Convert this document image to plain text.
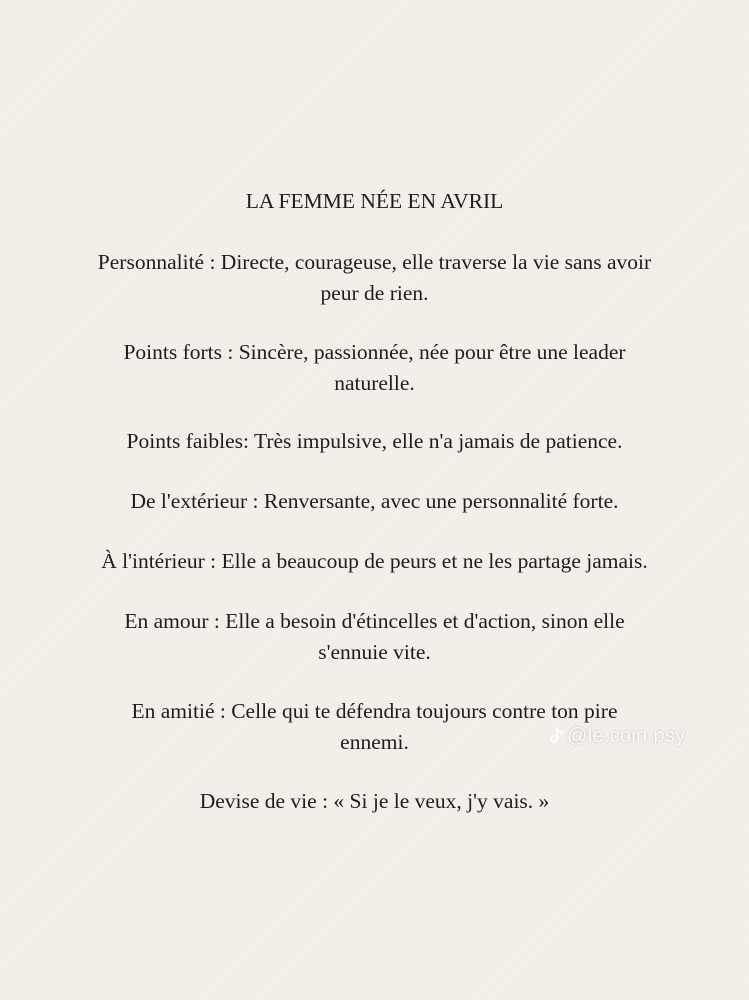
LA FEMME NÉE EN AVRIL
Personnalité : Directe, courageuse, elle traverse la vie sans avoir
peur de rien.
Points forts : Sincère, passionnée, née pour être une leader
naturelle.
Points faibles: Très impulsive, elle n'a jamais de patience.
De l'extérieur : Renversante, avec une personnalité forte.
À l'intérieur : Elle a beaucoup de peurs et ne les partage jamais.
En amour : Elle a besoin d'étincelles et d'action, sinon elle
s'ennuie vite.
En amitié : Celle qui te défendra toujours contre ton pire
ennemi.
Devise de vie : « Si je le veux, j'y vais. »
@le.coin.psy
